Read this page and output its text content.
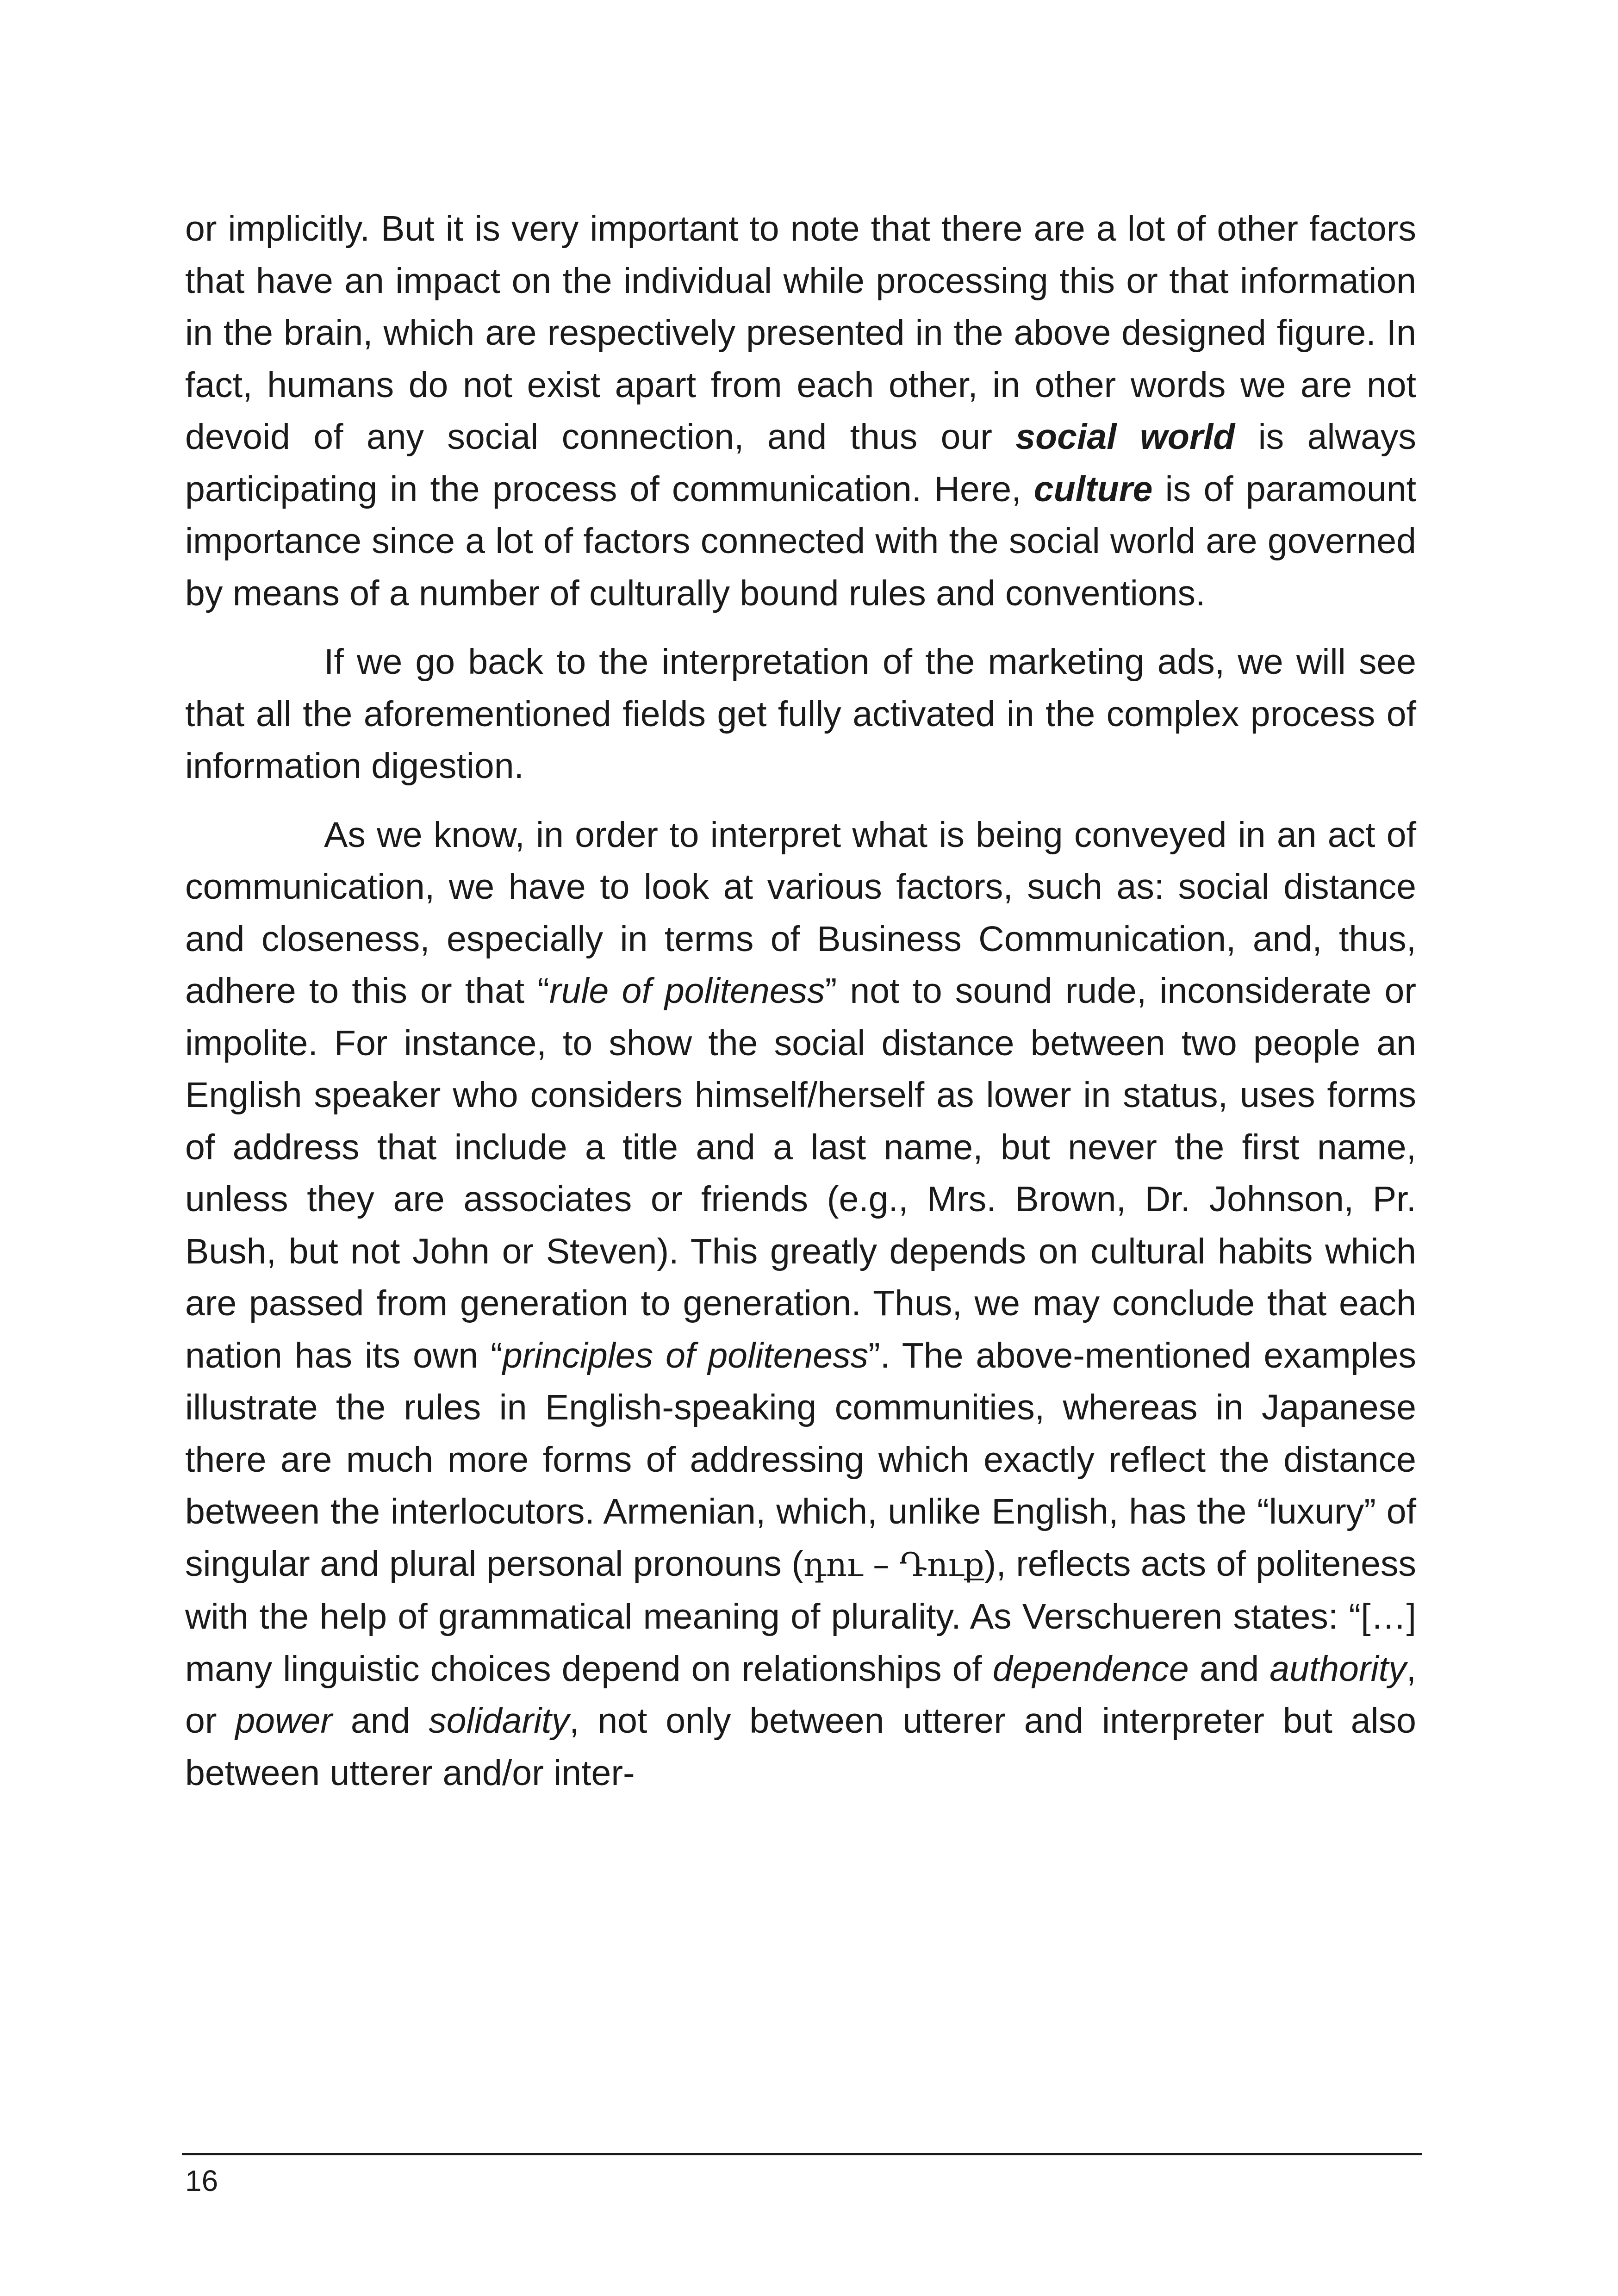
or implicitly. But it is very important to note that there are a lot of other factors that have an impact on the individual while processing this or that information in the brain, which are respectively presented in the above designed figure. In fact, humans do not exist apart from each other, in other words we are not devoid of any social connection, and thus our social world is always participating in the process of communication. Here, culture is of paramount importance since a lot of factors connected with the social world are governed by means of a number of culturally bound rules and conventions.

If we go back to the interpretation of the marketing ads, we will see that all the aforementioned fields get fully activated in the complex process of information digestion.

As we know, in order to interpret what is being conveyed in an act of communication, we have to look at various factors, such as: social distance and closeness, especially in terms of Business Communication, and, thus, adhere to this or that “rule of politeness” not to sound rude, inconsiderate or impolite. For instance, to show the social distance between two people an English speaker who considers himself/herself as lower in status, uses forms of address that include a title and a last name, but never the first name, unless they are associates or friends (e.g., Mrs. Brown, Dr. Johnson, Pr. Bush, but not John or Steven). This greatly depends on cultural habits which are passed from generation to generation. Thus, we may conclude that each nation has its own “principles of politeness”. The above-mentioned examples illustrate the rules in English-speaking communities, whereas in Japanese there are much more forms of addressing which exactly reflect the distance between the interlocutors. Armenian, which, unlike English, has the “luxury” of singular and plural personal pronouns (դու – Դուք), reflects acts of politeness with the help of grammatical meaning of plurality. As Verschueren states: “[…] many linguistic choices depend on relationships of dependence and authority, or power and solidarity, not only between utterer and interpreter but also between utterer and/or inter-

16
